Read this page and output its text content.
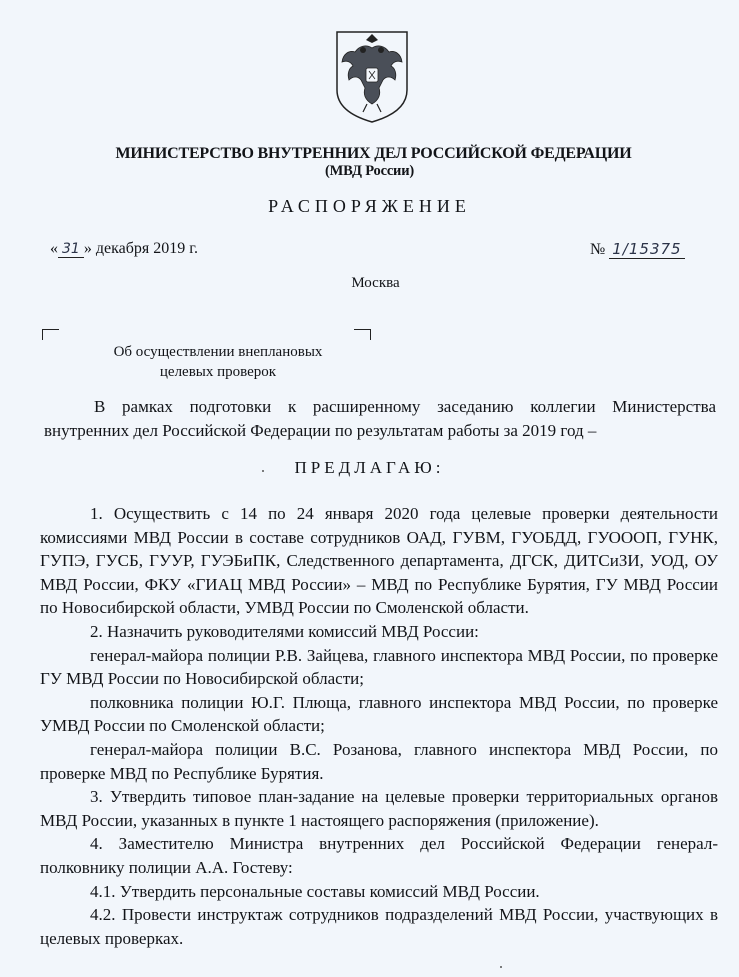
МИНИСТЕРСТВО ВНУТРЕННИХ ДЕЛ РОССИЙСКОЙ ФЕДЕРАЦИИ
(МВД России)
РАСПОРЯЖЕНИЕ
« 31 » декабря 2019 г.	№ 1/15375
Москва
Об осуществлении внеплановых
целевых проверок
В рамках подготовки к расширенному заседанию коллегии Министерства внутренних дел Российской Федерации по результатам работы за 2019 год –
ПРЕДЛАГАЮ:

1. Осуществить с 14 по 24 января 2020 года целевые проверки деятельности комиссиями МВД России в составе сотрудников ОАД, ГУВМ, ГУОБДД, ГУОООП, ГУНК, ГУПЭ, ГУСБ, ГУУР, ГУЭБиПК, Следственного департамента, ДГСК, ДИТСиЗИ, УОД, ОУ МВД России, ФКУ «ГИАЦ МВД России» – МВД по Республике Бурятия, ГУ МВД России по Новосибирской области, УМВД России по Смоленской области.

2. Назначить руководителями комиссий МВД России:

генерал-майора полиции Р.В. Зайцева, главного инспектора МВД России, по проверке ГУ МВД России по Новосибирской области;

полковника полиции Ю.Г. Плюща, главного инспектора МВД России, по проверке УМВД России по Смоленской области;

генерал-майора полиции В.С. Розанова, главного инспектора МВД России, по проверке МВД по Республике Бурятия.

3. Утвердить типовое план-задание на целевые проверки территориальных органов МВД России, указанных в пункте 1 настоящего распоряжения (приложение).

4. Заместителю Министра внутренних дел Российской Федерации генерал-полковнику полиции А.А. Гостеву:

4.1. Утвердить персональные составы комиссий МВД России.

4.2. Провести инструктаж сотрудников подразделений МВД России, участвующих в целевых проверках.
